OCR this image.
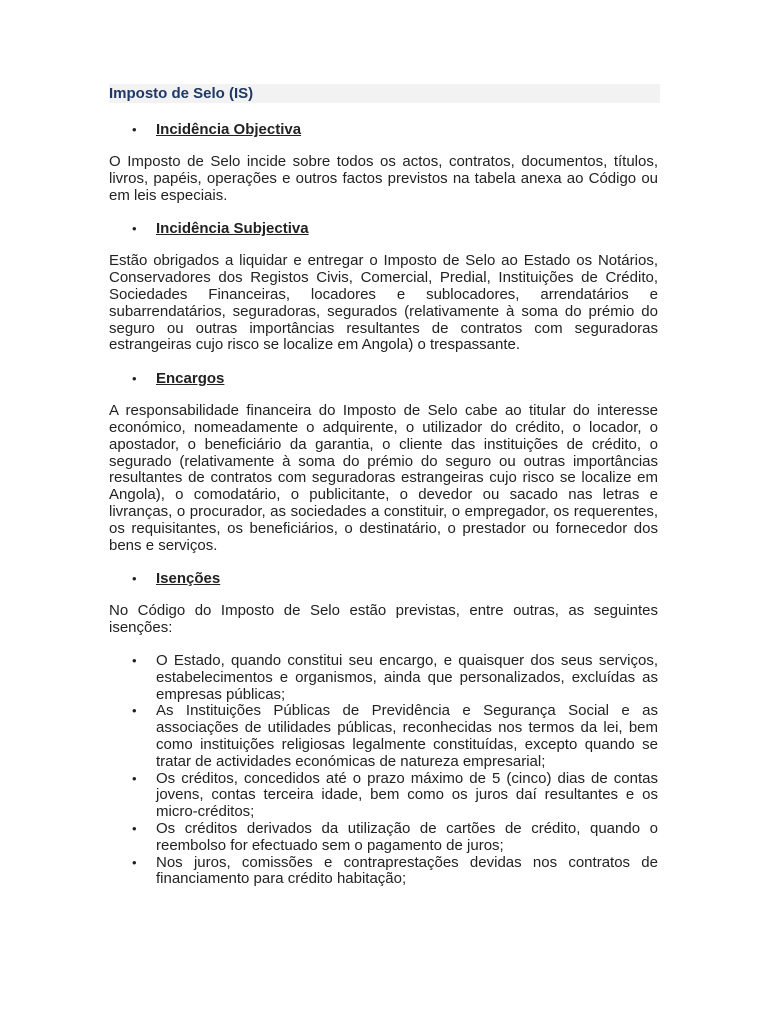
Imposto de Selo (IS)
• Incidência Objectiva

O Imposto de Selo incide sobre todos os actos, contratos, documentos, títulos, livros, papéis, operações e outros factos previstos na tabela anexa ao Código ou em leis especiais.

• Incidência Subjectiva

Estão obrigados a liquidar e entregar o Imposto de Selo ao Estado os Notários, Conservadores dos Registos Civis, Comercial, Predial, Instituições de Crédito, Sociedades Financeiras, locadores e sublocadores, arrendatários e subarrendatários, seguradoras, segurados (relativamente à soma do prémio do seguro ou outras importâncias resultantes de contratos com seguradoras estrangeiras cujo risco se localize em Angola) o trespassante.

• Encargos

A responsabilidade financeira do Imposto de Selo cabe ao titular do interesse económico, nomeadamente o adquirente, o utilizador do crédito, o locador, o apostador, o beneficiário da garantia, o cliente das instituições de crédito, o segurado (relativamente à soma do prémio do seguro ou outras importâncias resultantes de contratos com seguradoras estrangeiras cujo risco se localize em Angola), o comodatário, o publicitante, o devedor ou sacado nas letras e livranças, o procurador, as sociedades a constituir, o empregador, os requerentes, os requisitantes, os beneficiários, o destinatário, o prestador ou fornecedor dos bens e serviços.

• Isenções

No Código do Imposto de Selo estão previstas, entre outras, as seguintes isenções:

• O Estado, quando constitui seu encargo, e quaisquer dos seus serviços, estabelecimentos e organismos, ainda que personalizados, excluídas as empresas públicas;
• As Instituições Públicas de Previdência e Segurança Social e as associações de utilidades públicas, reconhecidas nos termos da lei, bem como instituições religiosas legalmente constituídas, excepto quando se tratar de actividades económicas de natureza empresarial;
• Os créditos, concedidos até o prazo máximo de 5 (cinco) dias de contas jovens, contas terceira idade, bem como os juros daí resultantes e os micro-créditos;
• Os créditos derivados da utilização de cartões de crédito, quando o reembolso for efectuado sem o pagamento de juros;
• Nos juros, comissões e contraprestações devidas nos contratos de financiamento para crédito habitação;
